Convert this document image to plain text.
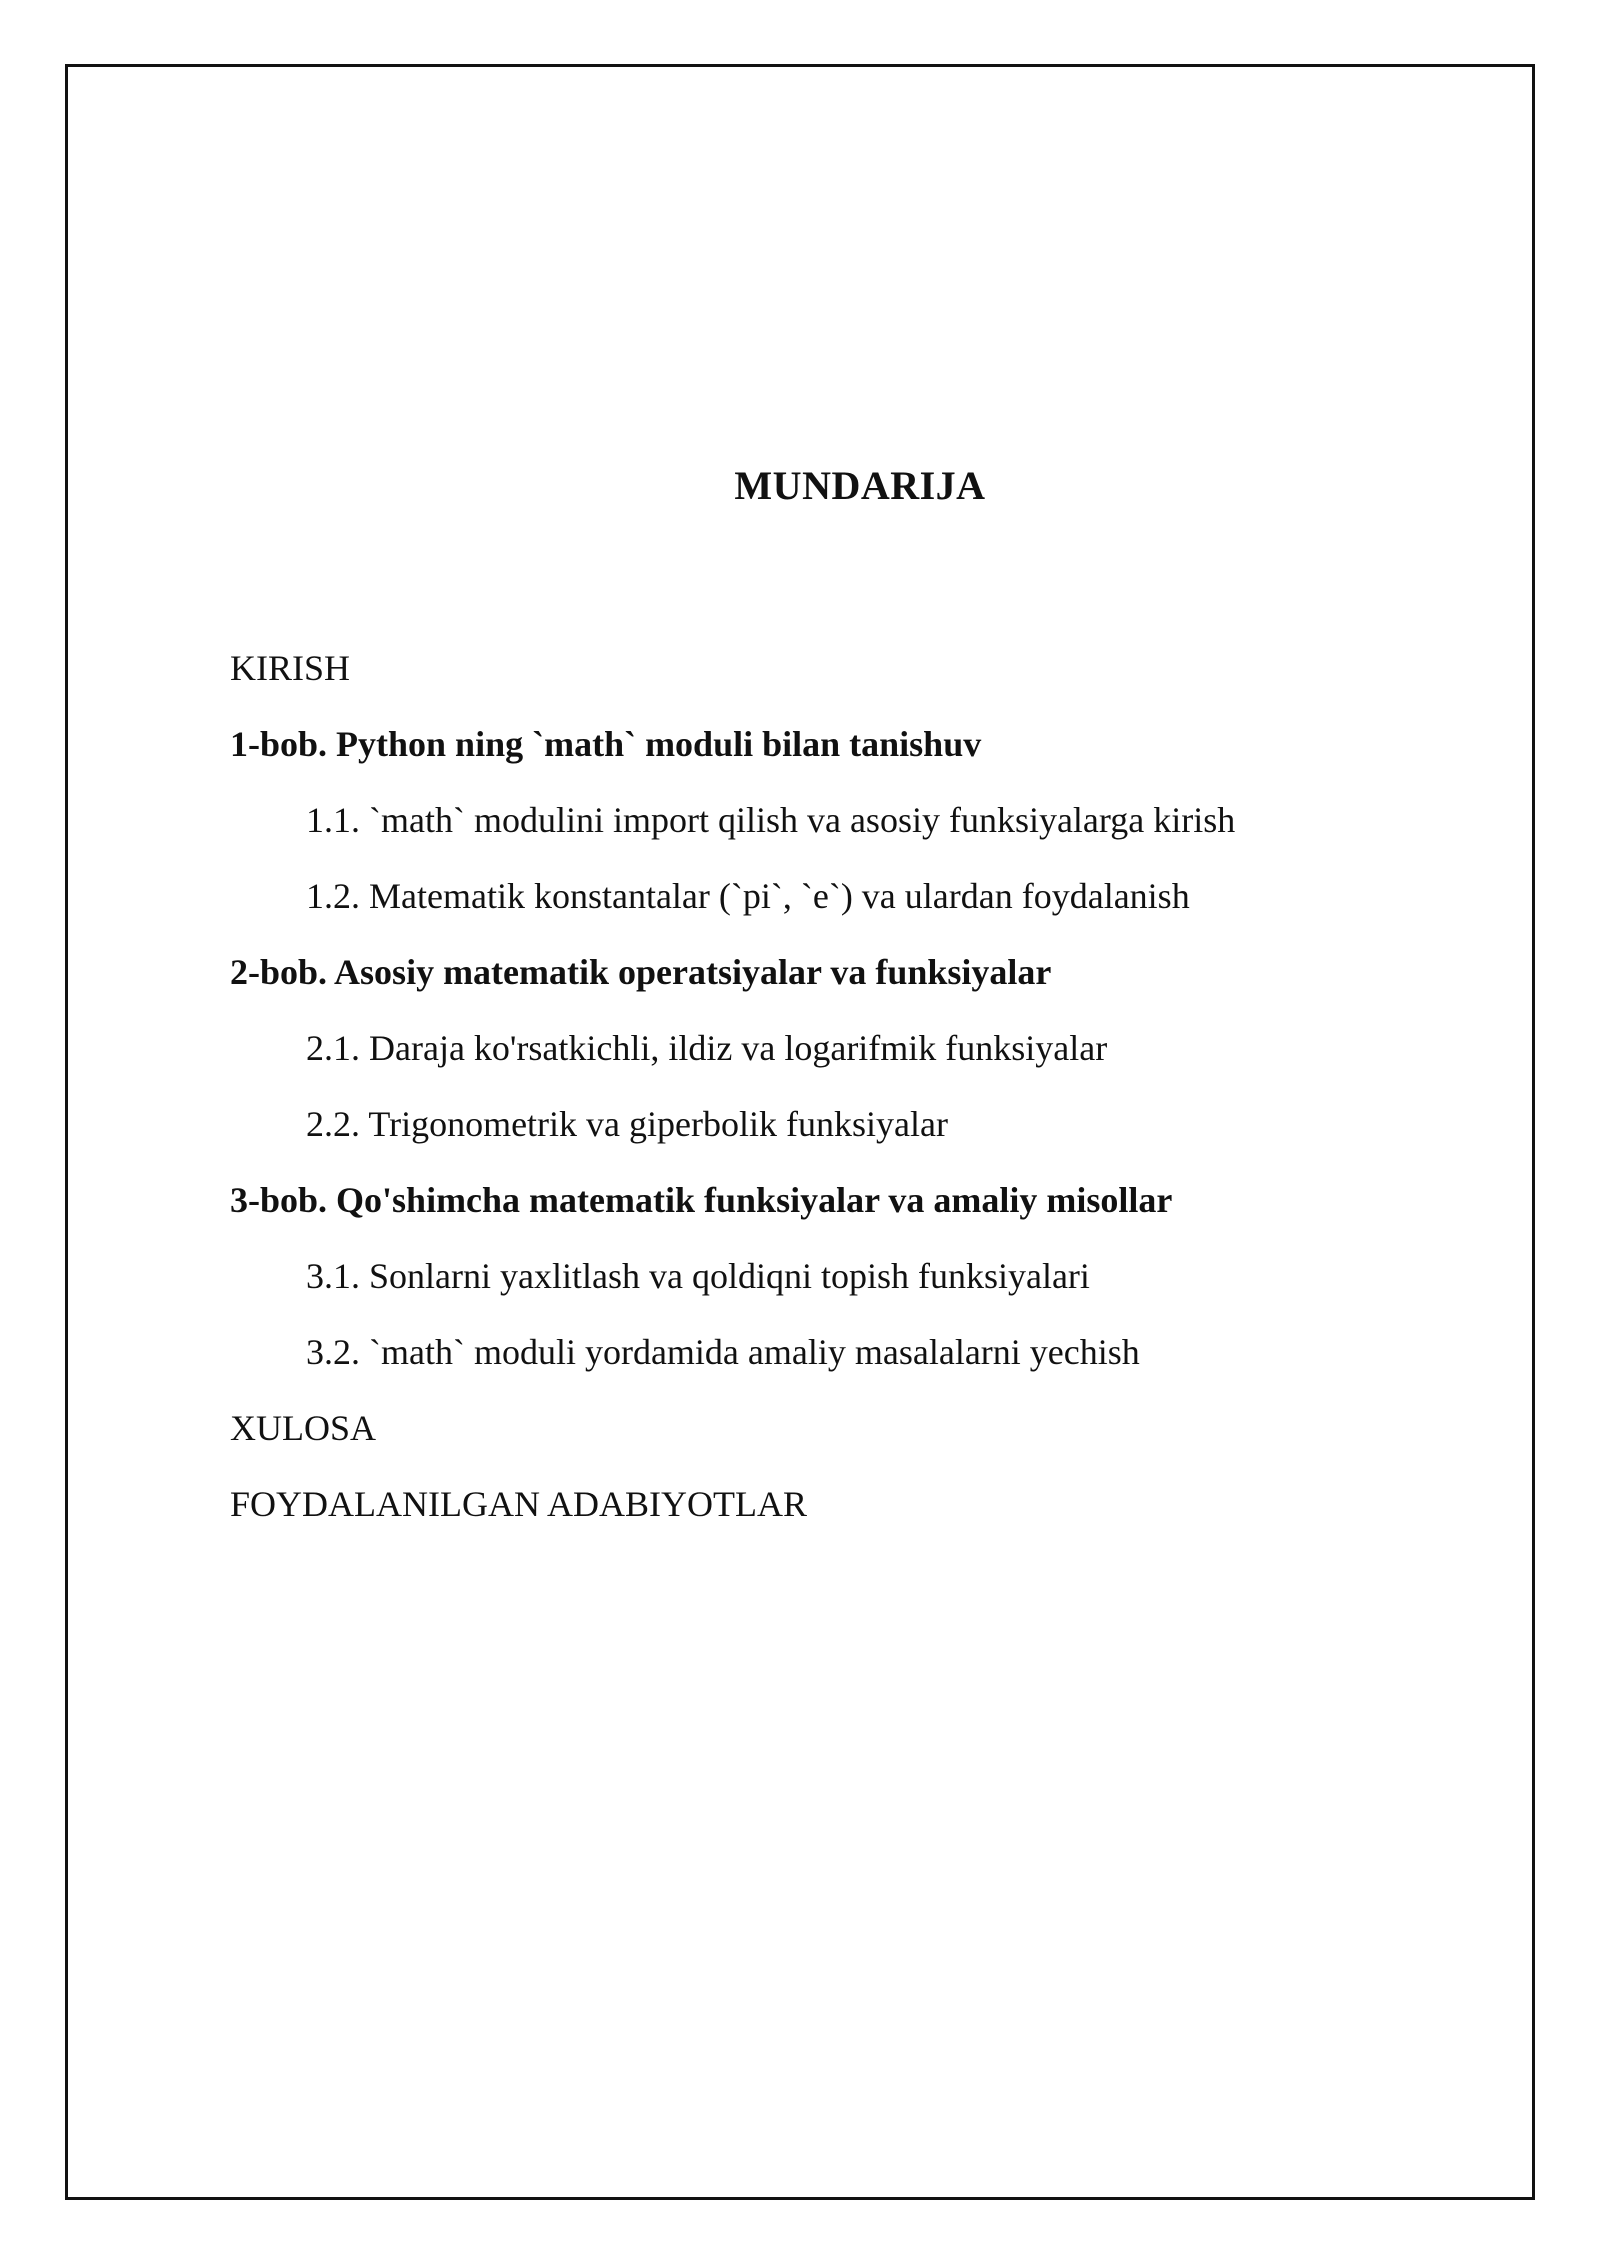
MUNDARIJA
KIRISH
1-bob. Python ning `math` moduli bilan tanishuv
1.1. `math` modulini import qilish va asosiy funksiyalarga kirish
1.2. Matematik konstantalar (`pi`, `e`) va ulardan foydalanish
2-bob. Asosiy matematik operatsiyalar va funksiyalar
2.1. Daraja ko'rsatkichli, ildiz va logarifmik funksiyalar
2.2. Trigonometrik va giperbolik funksiyalar
3-bob. Qo'shimcha matematik funksiyalar va amaliy misollar
3.1. Sonlarni yaxlitlash va qoldiqni topish funksiyalari
3.2. `math` moduli yordamida amaliy masalalarni yechish
XULOSA
FOYDALANILGAN ADABIYOTLAR
